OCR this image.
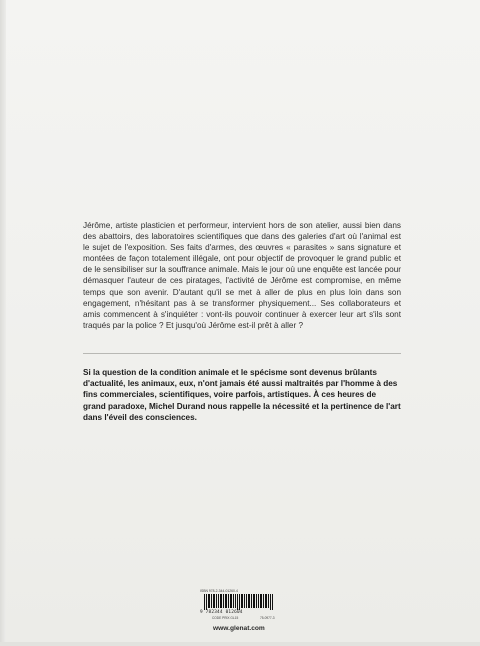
Jérôme, artiste plasticien et performeur, intervient hors de son atelier, aussi bien dans des abattoirs, des laboratoires scientifiques que dans des galeries d'art où l'animal est le sujet de l'exposition. Ses faits d'armes, des œuvres « parasites » sans signature et montées de façon totalement illégale, ont pour objectif de provoquer le grand public et de le sensibiliser sur la souffrance animale. Mais le jour où une enquête est lancée pour démasquer l'auteur de ces piratages, l'activité de Jérôme est compromise, en même temps que son avenir. D'autant qu'il se met à aller de plus en plus loin dans son engagement, n'hésitant pas à se transformer physiquement... Ses collaborateurs et amis commencent à s'inquiéter : vont-ils pouvoir continuer à exercer leur art s'ils sont traqués par la police ? Et jusqu'où Jérôme est-il prêt à aller ?

Si la question de la condition animale et le spécisme sont devenus brûlants d'actualité, les animaux, eux, n'ont jamais été aussi maltraités par l'homme à des fins commerciales, scientifiques, voire parfois, artistiques. À ces heures de grand paradoxe, Michel Durand nous rappelle la nécessité et la pertinence de l'art dans l'éveil des consciences.

ISBN 978-2-344-01260-4
9 782344 012604
CODE PRIX GL15	75-0977-3
www.glenat.com
